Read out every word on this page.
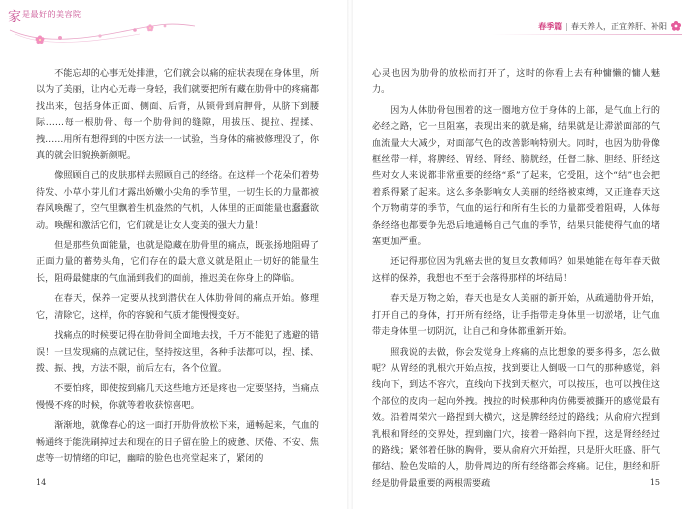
家 是最好的美容院

不能忘却的心事无处排泄，它们就会以痛的症状表现在身体里，所以为了美丽，让内心无毒一身轻，我们就要把所有藏在肋骨中的疼痛都找出来，包括身体正面、侧面、后背，从锁骨到肩胛骨，从脐下到腰际……每一根肋骨、每一个肋骨间的缝隙，用拔压、提拉、捏揉、拽……用所有想得到的中医方法一一试验，当身体的痛被修理没了，你真的就会旧貌换新颜呢。

像照顾自己的皮肤那样去照顾自己的经络。在这样一个花朵们着势待发、小草小芽儿们才露出娇嫩小尖角的季节里，一切生长的力量都被春风唤醒了，空气里飘着生机盎然的气机，人体里的正面能量也蠢蠢欲动。唤醒和激活它们，它们就是让女人变美的强大力量！

但是那些负面能量，也就是隐藏在肋骨里的痛点，既张扬地阻碍了正面力量的蓄势头角，它们存在的最大意义就是阻止一切好的能量生长，阻碍最健康的气血涌到我们的面前，推迟美在你身上的降临。

在春天，保养一定要从找到潜伏在人体肋骨间的痛点开始。修理它，清除它，这样，你的容貌和气质才能慢慢变好。

找痛点的时候要记得在肋骨间全面地去找，千万不能犯了逃避的错误！一旦发现痛的点就记住，坚持按这里，各种手法都可以，捏、揉、拨、振、拽，方法不限，前后左右，各个位置。

不要怕疼，即使按到痛几天这些地方还是疼也一定要坚持，当痛点慢慢不疼的时候，你就等着收获惊喜吧。

渐渐地，就像春心的这一面打开肋骨放松下来，通畅起来，气血的畅通终于能洗刷掉过去和现在的日子留在脸上的疲惫、厌倦、不安、焦虑等一切情绪的印记，幽暗的脸色也亮堂起来了，紧闭的

14
春季篇 | 春天养人，正宜养肝、补阳

心灵也因为肋骨的放松而打开了，这时的你看上去有种慵懒的慵人魅力。

因为人体肋骨包围着的这一圈地方位于身体的上部，是气血上行的必经之路，它一旦阻塞，表现出来的就是痛，结果就是让滞淤面部的气血流量大大减少，对面部气色的改善影响特别大。同时，也因为肋骨像框丝带一样，将脾经、胃经、肾经、膀胱经，任督二脉、胆经、肝经这些对女人来说都非常重要的经络“系”了起来，它受阻，这个“结”也会把着系得紧了起来。这么多条影响女人美丽的经络被束缚，又正逢春天这个万物萌芽的季节，气血的运行和所有生长的力量都受着阻碍，人体每条经络也都要争先恐后地通畅自己气血的季节，结果只能使得气血的堵塞更加严重。

还记得那位因为乳癌去世的复旦女教师吗？如果她能在每年春天做这样的保养，我想也不至于会落得那样的坏结局！

春天是万物之始，春天也是女人美丽的新开始，从疏通肋骨开始，打开自己的身体，打开所有经络，让手指带走身体里一切淤堵，让气血带走身体里一切阴沉，让自己和身体都重新开始。

照我说的去做，你会发觉身上疼痛的点比想象的要多得多，怎么做呢？从胃经的乳根穴开始点按，找到要让人倒吸一口气的那种感觉，斜线向下，到达不容穴，直线向下找到天枢穴，可以按压，也可以拽住这个部位的皮肉一起向外拽。拽拉的时候那种肉仿佛要被撕开的感觉最有效。沿着周荣穴一路捏到大横穴，这是脾经经过的路线；从俞府穴捏到乳根和肾经的交界处，捏到幽门穴，接着一路斜向下捏，这是肾经经过的路线；紧邻着任脉的胸骨，要从俞府穴开始捏，只是肝火旺盛、肝气郁结、脸色发暗的人，肋骨周边的所有经络都会疼痛。记住，胆经和肝经是肋骨最重要的两根需要疏	15
